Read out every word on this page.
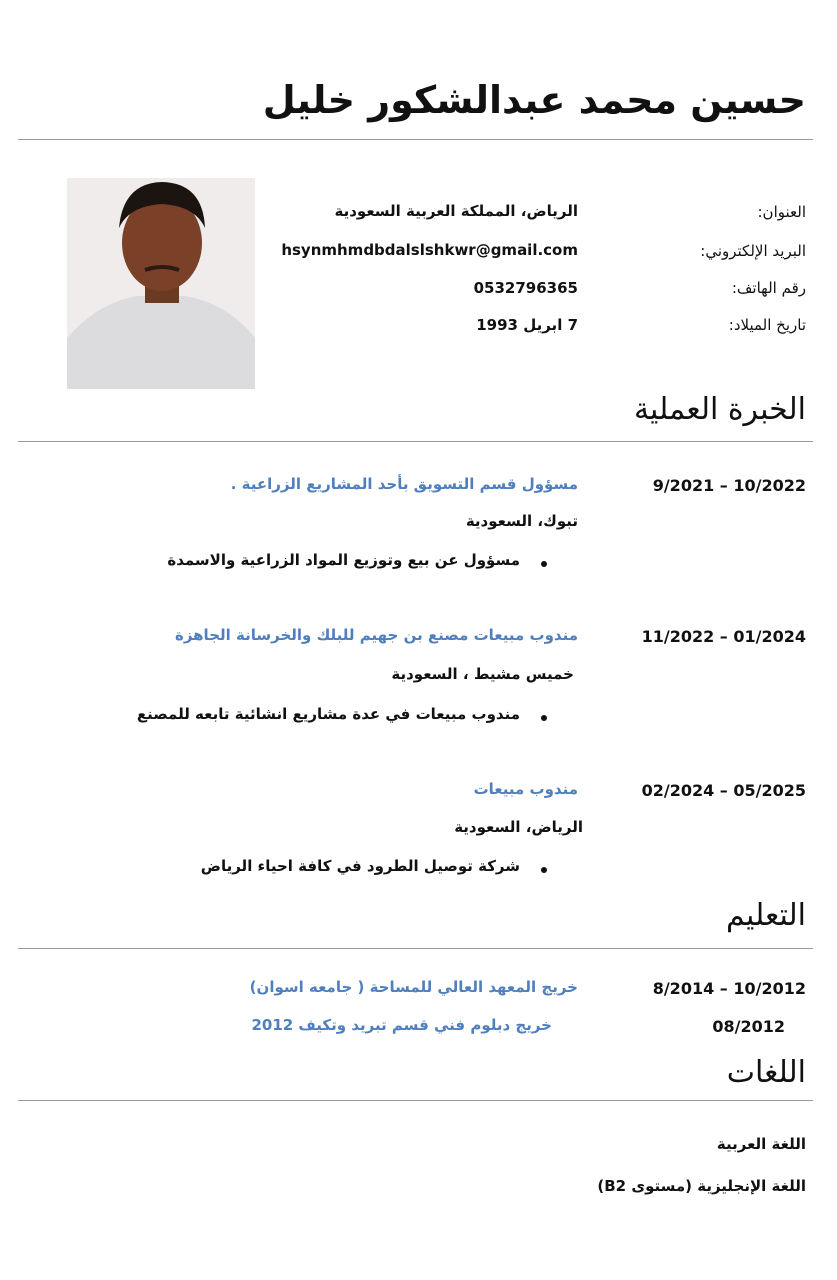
حسين محمد عبدالشكور خليل
العنوان:
الرياض، المملكة العربية السعودية
البريد الإلكتروني:
hsynmhmdbdalslshkwr@gmail.com
رقم الهاتف:
0532796365
تاريخ الميلاد:
7 ابريل 1993
الخبرة العملية
9/2021 – 10/2022
مسؤول قسم التسويق بأحد المشاريع الزراعية .
تبوك، السعودية
مسؤول عن بيع وتوزيع المواد الزراعية والاسمدة
11/2022 – 01/2024
مندوب مبيعات مصنع بن جهيم للبلك والخرسانة الجاهزة
خميس مشيط ، السعودية
مندوب مبيعات في عدة مشاريع انشائية تابعه للمصنع
02/2024 – 05/2025
مندوب مبيعات
الرياض، السعودية
شركة توصيل الطرود في كافة احياء الرياض
التعليم
8/2014 – 10/2012
خريج المعهد العالي للمساحة ( جامعه اسوان)
08/2012
خريج دبلوم فني قسم تبريد وتكيف 2012
اللغات
اللغة العربية
اللغة الإنجليزية (مستوى B2)
